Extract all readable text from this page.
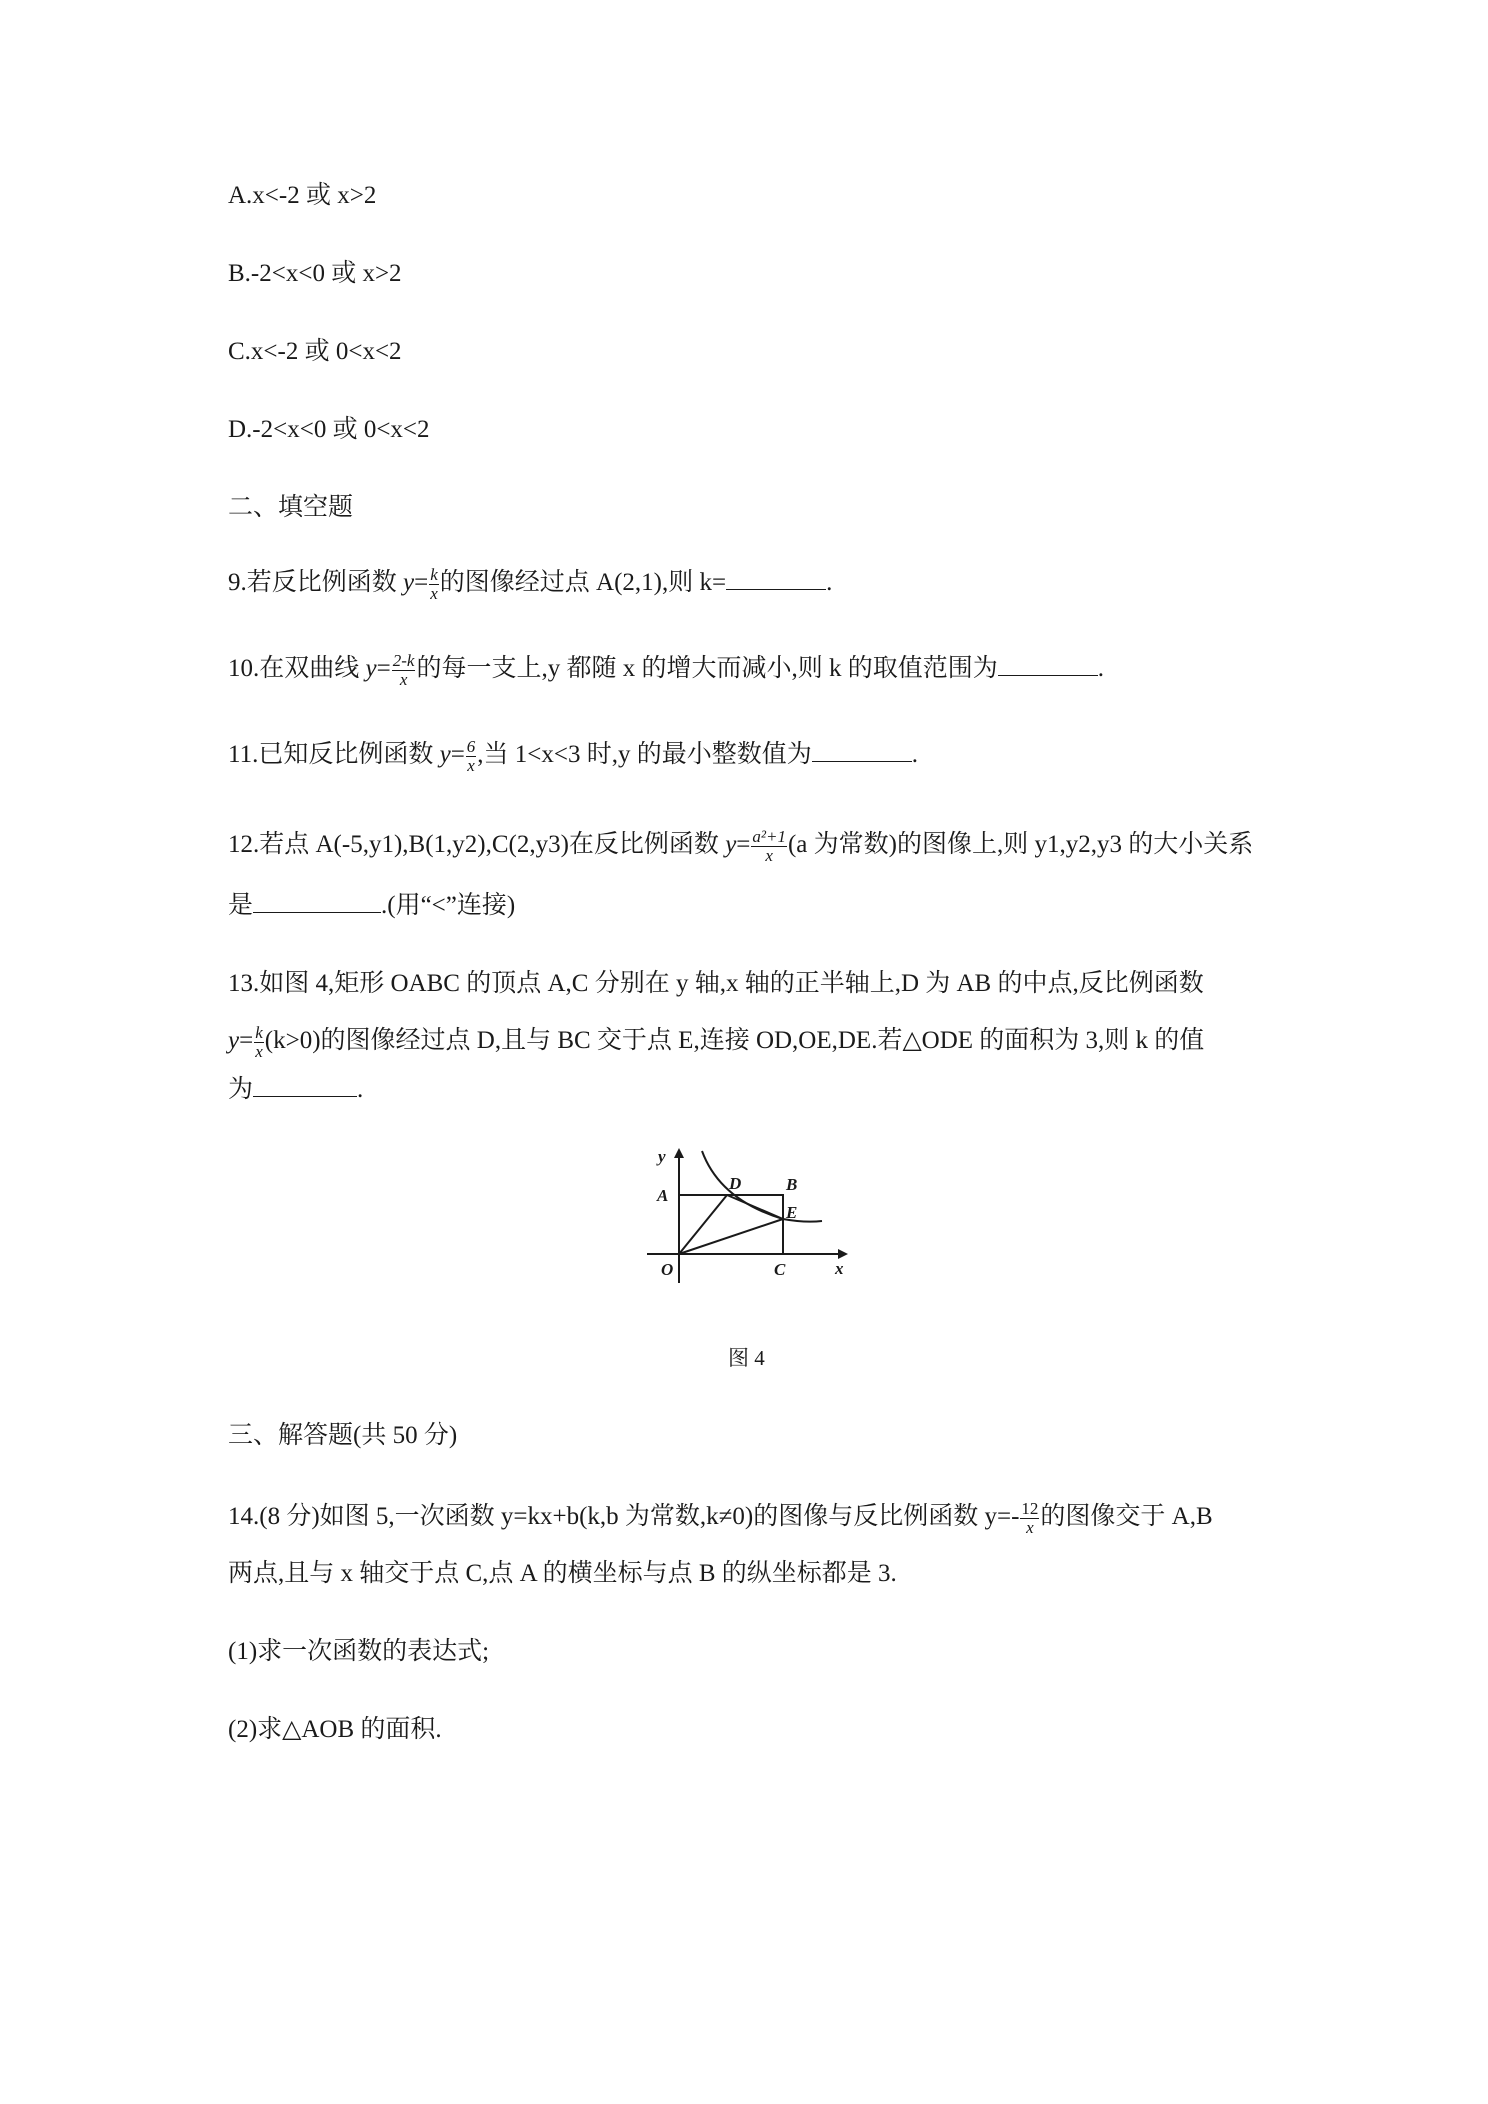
A.x<-2 或 x>2
B.-2<x<0 或 x>2
C.x<-2 或 0<x<2
D.-2<x<0 或 0<x<2
二、填空题
9.若反比例函数 $y= \frac{k}{x}$ 的图像经过点 A(2,1),则 k=	.
10.在双曲线 $y= \frac{2-k}{x}$ 的每一支上,y 都随 x 的增大而减小,则 k 的取值范围为	.
11.已知反比例函数 $y= \frac{6}{x}$ ,当 1<x<3 时,y 的最小整数值为	.
12.若点 A(-5,y1),B(1,y2),C(2,y3)在反比例函数 $y= \frac{\text{a²+1}}{x} (a$ 为常数)的图像上,则 y1,y2,y3 的大小关系
是	.(用“<”连接)
13.如图 4,矩形 OABC 的顶点 A,C 分别在 y 轴,x 轴的正半轴上,D 为 AB 的中点,反比例函数
$y= \frac{k}{x} (k>0)$的图像经过点 D,且与 BC 交于点 E,连接 OD,OE,DE.若△ODE 的面积为 3,则 k 的值
为	.
y
x
A
B
C
D
E
O
图 4
三、解答题(共 50 分)
14.(8 分)如图 5,一次函数 y=kx+b(k,b 为常数,k≠0)的图像与反比例函数 $y=- \frac{12}{x}$ 的图像交于 A,B
两点,且与 x 轴交于点 C,点 A 的横坐标与点 B 的纵坐标都是 3.
(1)求一次函数的表达式;
(2)求△AOB 的面积.
